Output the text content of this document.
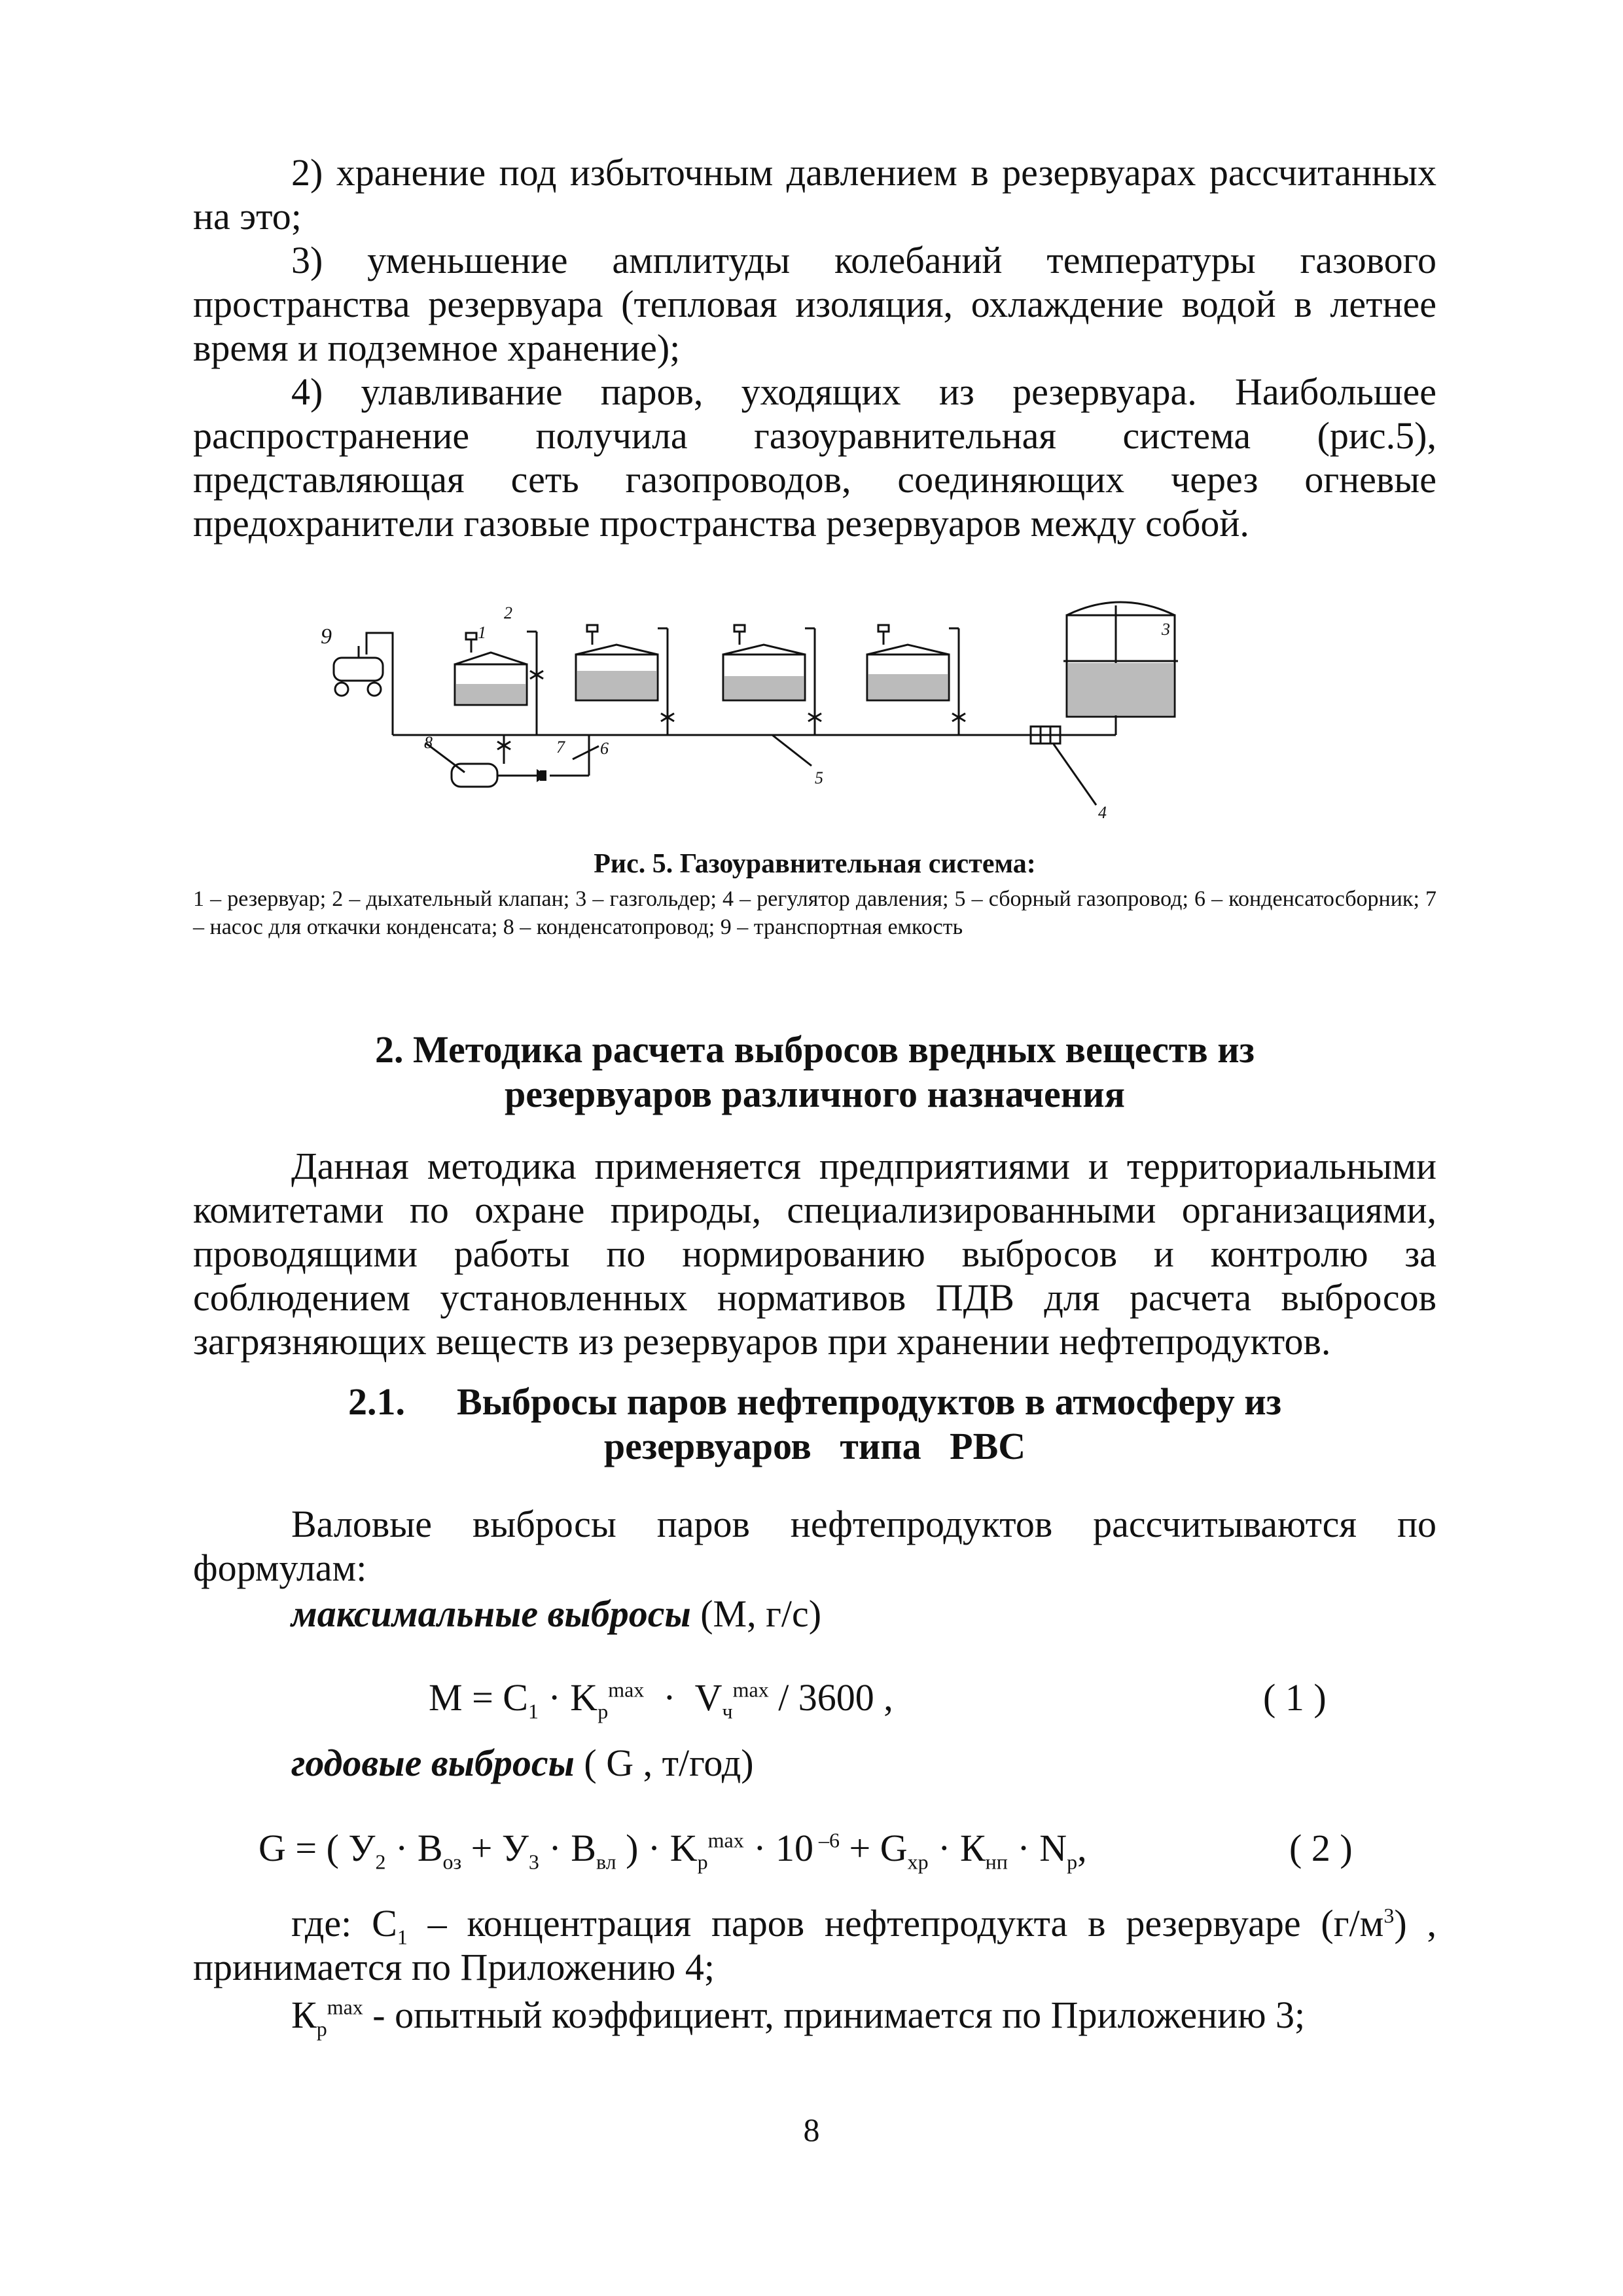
2) хранение под избыточным давлением в резервуарах рассчитанных на это;

3) уменьшение амплитуды колебаний температуры газового пространства резервуара (тепловая изоляция, охлаждение водой в летнее время и подземное хранение);

4) улавливание паров, уходящих из резервуара. Наибольшее распространение получила газоуравнительная система (рис.5), представляющая сеть газопроводов, соединяющих через огневые предохранители газовые пространства резервуаров между собой.

1
2
3
4
5
6
7
8
9
Рис. 5. Газоуравнительная система:
1 – резервуар; 2 – дыхательный клапан; 3 – газгольдер; 4 – регулятор давления; 5 – сборный газопровод; 6 – конденсатосборник; 7 – насос для откачки конденсата; 8 – конденсатопровод; 9 – транспортная емкость
2. Методика расчета выбросов вредных веществ из
резервуаров различного назначения

Данная методика применяется предприятиями и территориальными комитетами по охране природы, специализированными организациями, проводящими работы по нормированию выбросов и контролю за соблюдением установленных нормативов ПДВ для расчета выбросов загрязняющих веществ из резервуаров при хранении нефтепродуктов.

2.1. Выбросы паров нефтепродуктов в атмосферу из
резервуаров   типа   РВС

Валовые выбросы паров нефтепродуктов рассчитываются по формулам:

максимальные выбросы (М, г/с)
$M = C_1 \cdot K_р^{max} \cdot V_ч^{max} / 3600$ ,	( 1 )
годовые выбросы ( G , т/год)
G = ( $У_2 \cdot В_{оз} + У_3 \cdot В_{вл}$ ) · $K_р^{max} \cdot 10$ $^{-6} + G_{хр} \cdot К_{нп} \cdot N_р$,	( 2 )

где: $С_1$ – концентрация паров нефтепродукта в резервуаре $(г/м^3)$ , принимается по Приложению 4;

$К_р^{max}$ - опытный коэффициент, принимается по Приложению 3;

8
